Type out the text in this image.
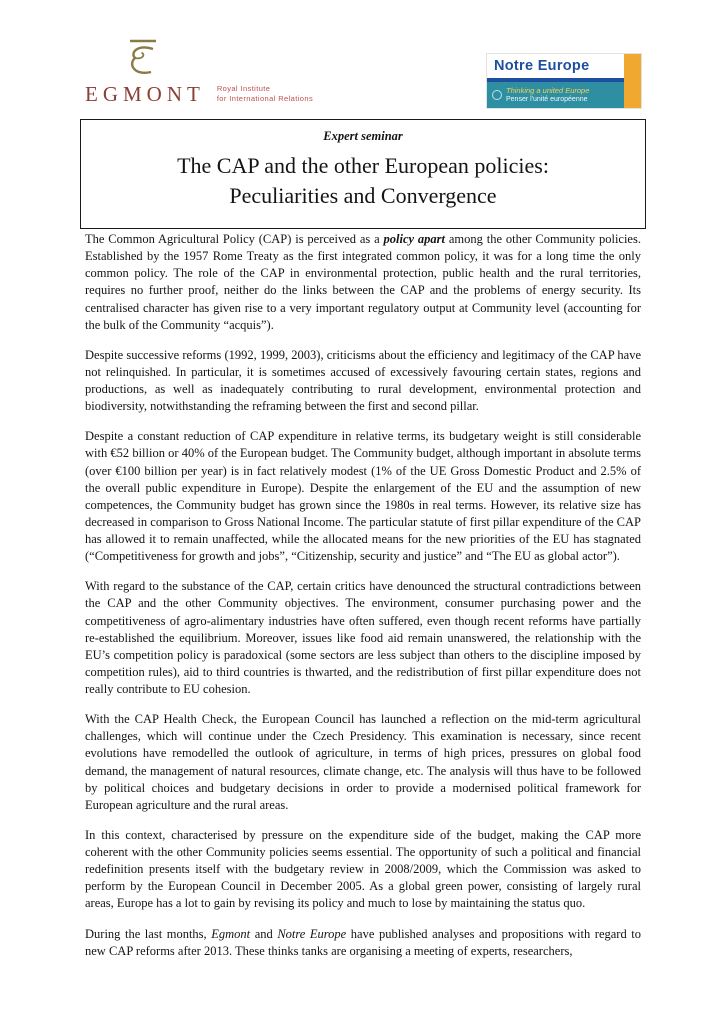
EGMONT Royal Institute
for International Relations
Notre Europe
Thinking a united Europe
Penser l'unité européenne
Expert seminar
The CAP and the other European policies:
Peculiarities and Convergence

The Common Agricultural Policy (CAP) is perceived as a policy apart among the other Community policies. Established by the 1957 Rome Treaty as the first integrated common policy, it was for a long time the only common policy. The role of the CAP in environmental protection, public health and the rural territories, requires no further proof, neither do the links between the CAP and the problems of energy security. Its centralised character has given rise to a very important regulatory output at Community level (accounting for the bulk of the Community “acquis”).

Despite successive reforms (1992, 1999, 2003), criticisms about the efficiency and legitimacy of the CAP have not relinquished. In particular, it is sometimes accused of excessively favouring certain states, regions and productions, as well as inadequately contributing to rural development, environmental protection and biodiversity, notwithstanding the reframing between the first and second pillar.

Despite a constant reduction of CAP expenditure in relative terms, its budgetary weight is still considerable with €52 billion or 40% of the European budget. The Community budget, although important in absolute terms (over €100 billion per year) is in fact relatively modest (1% of the UE Gross Domestic Product and 2.5% of the overall public expenditure in Europe). Despite the enlargement of the EU and the assumption of new competences, the Community budget has grown since the 1980s in real terms. However, its relative size has decreased in comparison to Gross National Income. The particular statute of first pillar expenditure of the CAP has allowed it to remain unaffected, while the allocated means for the new priorities of the EU has stagnated (“Competitiveness for growth and jobs”, “Citizenship, security and justice” and “The EU as global actor”).

With regard to the substance of the CAP, certain critics have denounced the structural contradictions between the CAP and the other Community objectives. The environment, consumer purchasing power and the competitiveness of agro-alimentary industries have often suffered, even though recent reforms have partially re-established the equilibrium. Moreover, issues like food aid remain unanswered, the relationship with the EU’s competition policy is paradoxical (some sectors are less subject than others to the discipline imposed by competition rules), aid to third countries is thwarted, and the redistribution of first pillar expenditure does not really contribute to EU cohesion.

With the CAP Health Check, the European Council has launched a reflection on the mid-term agricultural challenges, which will continue under the Czech Presidency. This examination is necessary, since recent evolutions have remodelled the outlook of agriculture, in terms of high prices, pressures on global food demand, the management of natural resources, climate change, etc. The analysis will thus have to be followed by political choices and budgetary decisions in order to provide a modernised political framework for European agriculture and the rural areas.

In this context, characterised by pressure on the expenditure side of the budget, making the CAP more coherent with the other Community policies seems essential. The opportunity of such a political and financial redefinition presents itself with the budgetary review in 2008/2009, which the Commission was asked to perform by the European Council in December 2005. As a global green power, consisting of largely rural areas, Europe has a lot to gain by revising its policy and much to lose by maintaining the status quo.

During the last months, Egmont and Notre Europe have published analyses and propositions with regard to new CAP reforms after 2013. These thinks tanks are organising a meeting of experts, researchers,
